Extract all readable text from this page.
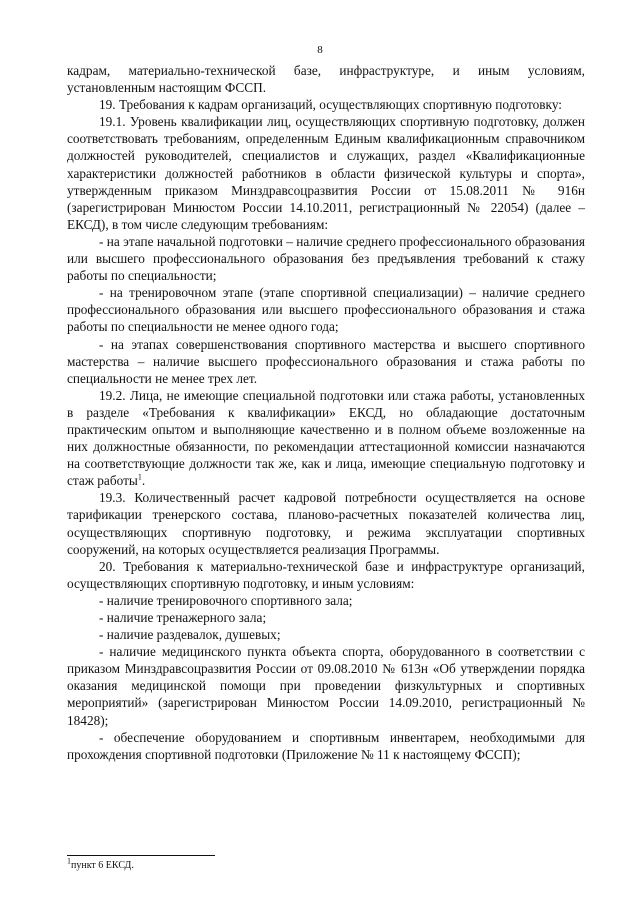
8

кадрам, материально-технической базе, инфраструктуре, и иным условиям, установленным настоящим ФССП.

19. Требования к кадрам организаций, осуществляющих спортивную подготовку:

19.1. Уровень квалификации лиц, осуществляющих спортивную подготовку, должен соответствовать требованиям, определенным Единым квалификационным справочником должностей руководителей, специалистов и служащих, раздел «Квалификационные характеристики должностей работников в области физической культуры и спорта», утвержденным приказом Минздравсоцразвития России от 15.08.2011 № 916н (зарегистрирован Минюстом России 14.10.2011, регистрационный № 22054) (далее – ЕКСД), в том числе следующим требованиям:

- на этапе начальной подготовки – наличие среднего профессионального образования или высшего профессионального образования без предъявления требований к стажу работы по специальности;

- на тренировочном этапе (этапе спортивной специализации) – наличие среднего профессионального образования или высшего профессионального образования и стажа работы по специальности не менее одного года;

- на этапах совершенствования спортивного мастерства и высшего спортивного мастерства – наличие высшего профессионального образования и стажа работы по специальности не менее трех лет.

19.2. Лица, не имеющие специальной подготовки или стажа работы, установленных в разделе «Требования к квалификации» ЕКСД, но обладающие достаточным практическим опытом и выполняющие качественно и в полном объеме возложенные на них должностные обязанности, по рекомендации аттестационной комиссии назначаются на соответствующие должности так же, как и лица, имеющие специальную подготовку и стаж работы$^1$.

19.3. Количественный расчет кадровой потребности осуществляется на основе тарификации тренерского состава, планово-расчетных показателей количества лиц, осуществляющих спортивную подготовку, и режима эксплуатации спортивных сооружений, на которых осуществляется реализация Программы.

20. Требования к материально-технической базе и инфраструктуре организаций, осуществляющих спортивную подготовку, и иным условиям:

- наличие тренировочного спортивного зала;

- наличие тренажерного зала;

- наличие раздевалок, душевых;

- наличие медицинского пункта объекта спорта, оборудованного в соответствии с приказом Минздравсоцразвития России от 09.08.2010 № 613н «Об утверждении порядка оказания медицинской помощи при проведении физкультурных и спортивных мероприятий» (зарегистрирован Минюстом России 14.09.2010, регистрационный № 18428);

- обеспечение оборудованием и спортивным инвентарем, необходимыми для прохождения спортивной подготовки (Приложение № 11 к настоящему ФССП);

$^1$пункт 6 ЕКСД.
